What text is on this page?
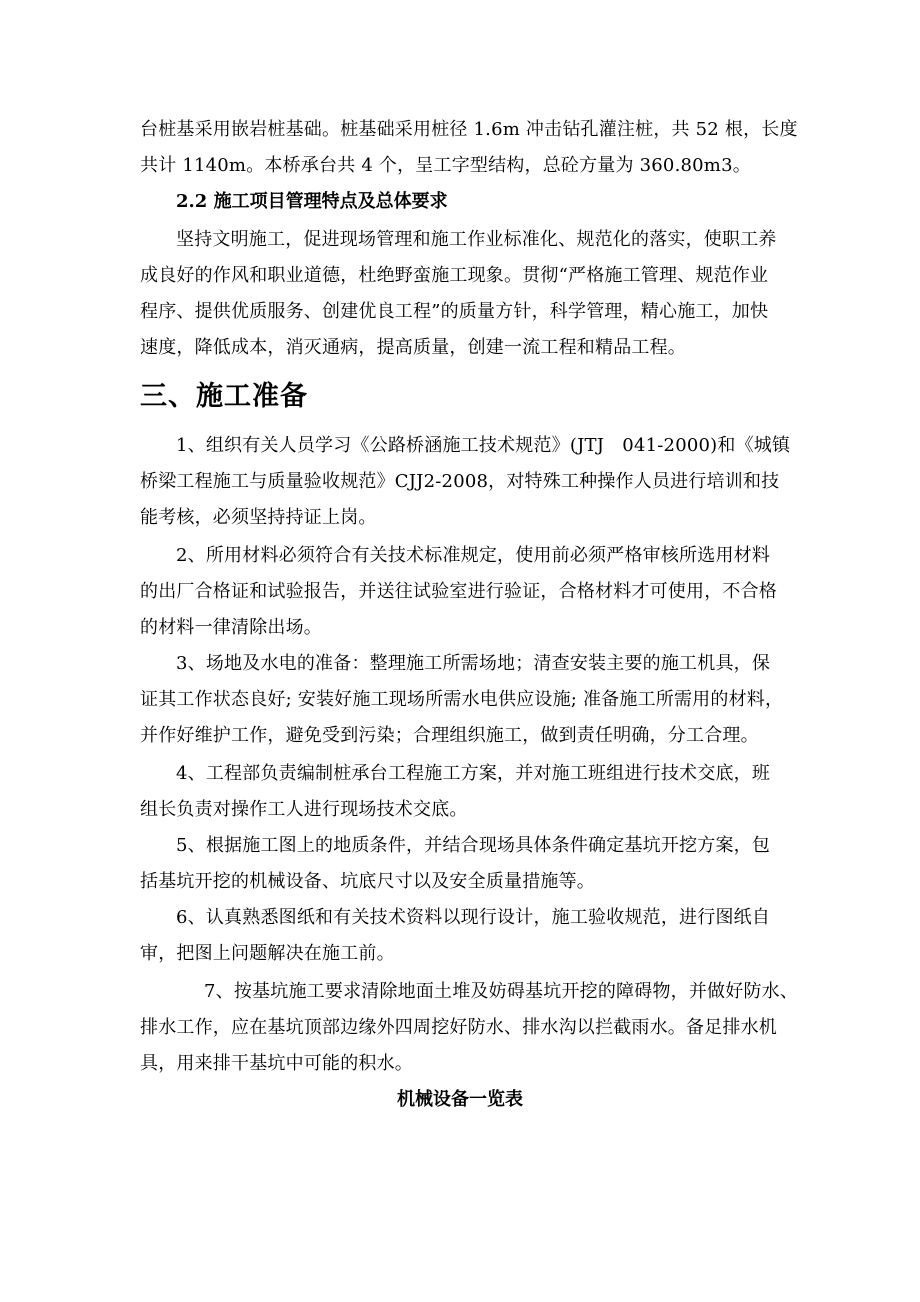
台桩基采用嵌岩桩基础。桩基础采用桩径 1.6m 冲击钻孔灌注桩，共 52 根，长度
共计 1140m。本桥承台共 4 个，呈工字型结构，总砼方量为 360.80m3。
2.2 施工项目管理特点及总体要求
坚持文明施工，促进现场管理和施工作业标准化、规范化的落实，使职工养
成良好的作风和职业道德，杜绝野蛮施工现象。贯彻“严格施工管理、规范作业
程序、提供优质服务、创建优良工程”的质量方针，科学管理，精心施工，加快
速度，降低成本，消灭通病，提高质量，创建一流工程和精品工程。
三、施工准备
1、组织有关人员学习《公路桥涵施工技术规范》(JTJ　041-2000)和《城镇
桥梁工程施工与质量验收规范》CJJ2-2008，对特殊工种操作人员进行培训和技
能考核，必须坚持持证上岗。
2、所用材料必须符合有关技术标准规定，使用前必须严格审核所选用材料
的出厂合格证和试验报告，并送往试验室进行验证，合格材料才可使用，不合格
的材料一律清除出场。
3、场地及水电的准备：整理施工所需场地；清查安装主要的施工机具，保
证其工作状态良好; 安装好施工现场所需水电供应设施; 准备施工所需用的材料，
并作好维护工作，避免受到污染；合理组织施工，做到责任明确，分工合理。
4、工程部负责编制桩承台工程施工方案，并对施工班组进行技术交底，班
组长负责对操作工人进行现场技术交底。
5、根据施工图上的地质条件，并结合现场具体条件确定基坑开挖方案，包
括基坑开挖的机械设备、坑底尺寸以及安全质量措施等。
6、认真熟悉图纸和有关技术资料以现行设计，施工验收规范，进行图纸自
审，把图上问题解决在施工前。
7、按基坑施工要求清除地面土堆及妨碍基坑开挖的障碍物，并做好防水、
排水工作，应在基坑顶部边缘外四周挖好防水、排水沟以拦截雨水。备足排水机
具，用来排干基坑中可能的积水。
机械设备一览表
